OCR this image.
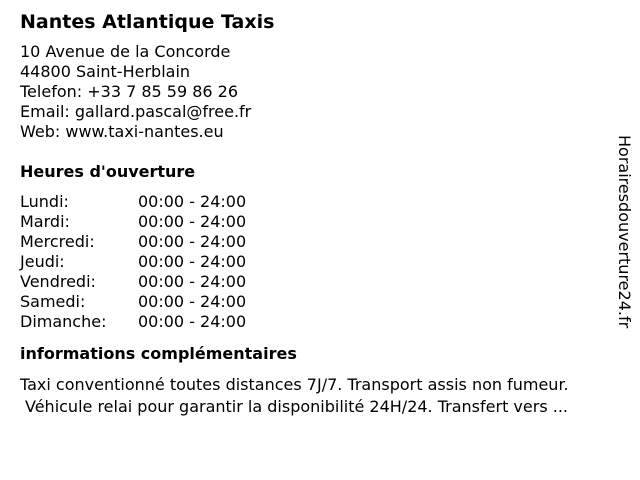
Nantes Atlantique Taxis
10 Avenue de la Concorde
44800 Saint-Herblain
Telefon: +33 7 85 59 86 26
Email: gallard.pascal@free.fr
Web: www.taxi-nantes.eu
Heures d'ouverture
Lundi:	00:00 - 24:00
Mardi:	00:00 - 24:00
Mercredi:	00:00 - 24:00
Jeudi:	00:00 - 24:00
Vendredi:	00:00 - 24:00
Samedi:	00:00 - 24:00
Dimanche:	00:00 - 24:00
informations complémentaires
Taxi conventionné toutes distances 7J/7. Transport assis non fumeur.
Véhicule relai pour garantir la disponibilité 24H/24. Transfert vers ...
Horairesdouverture24.fr
